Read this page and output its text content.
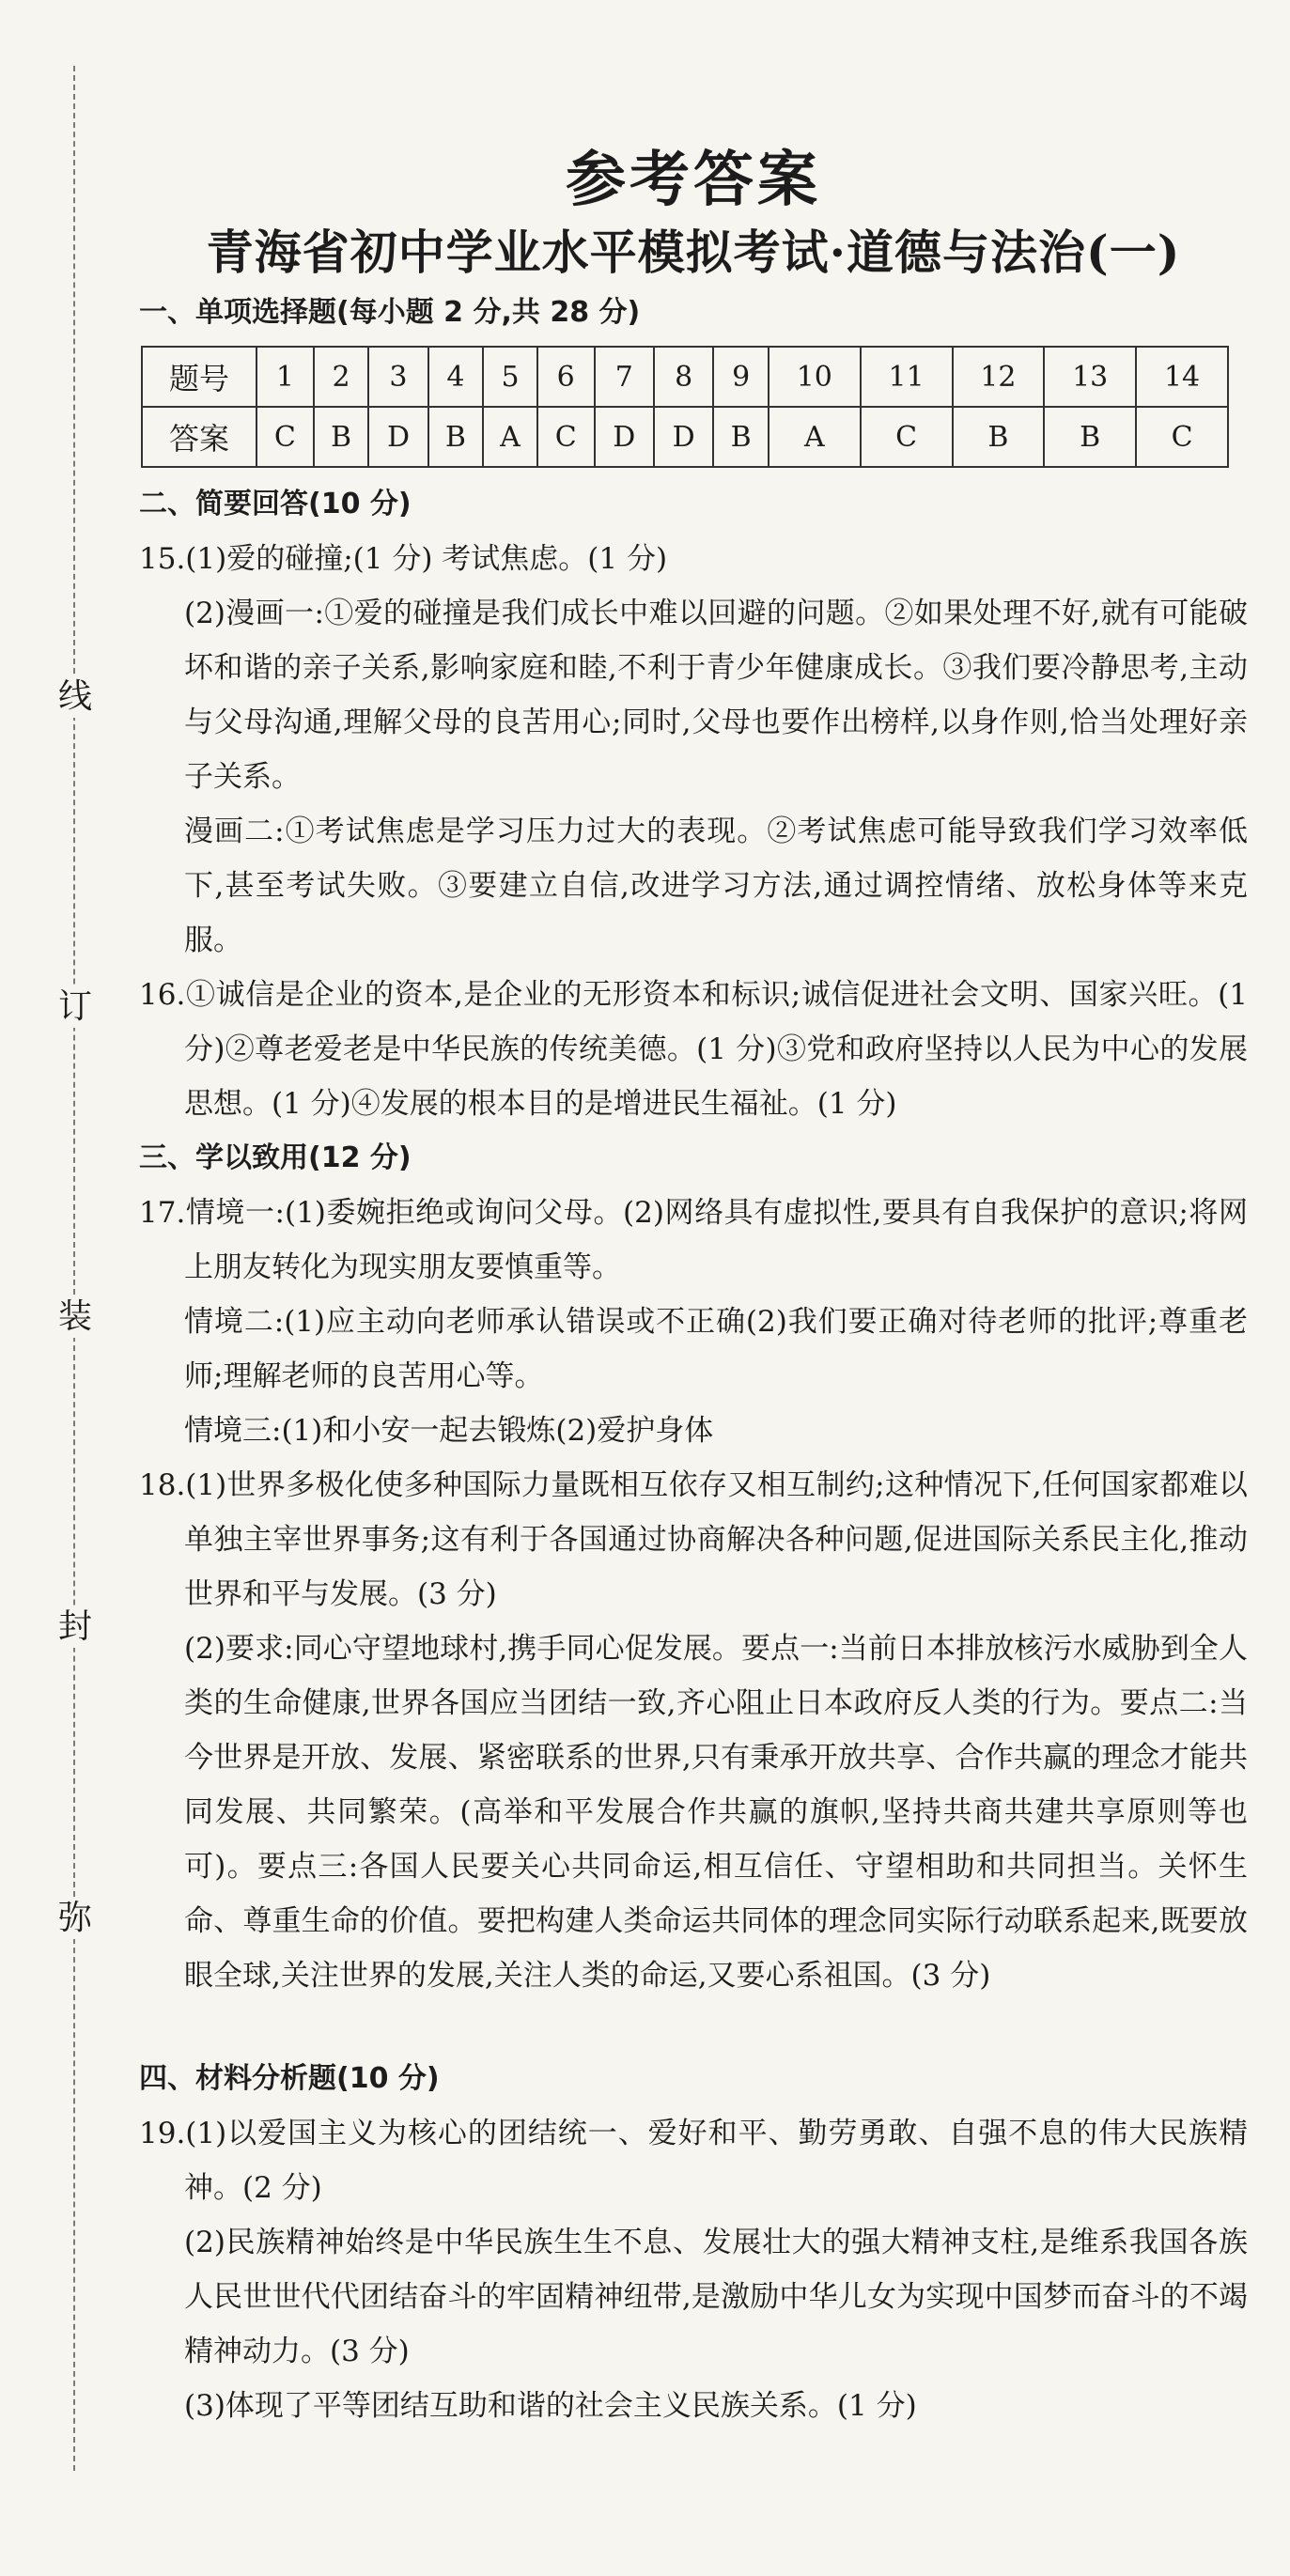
线
订
装
封
弥
参考答案
青海省初中学业水平模拟考试·道德与法治(一)
一、单项选择题(每小题 2 分,共 28 分)
题号	1	2	3	4	5	6	7	8	9	10	11	12	13	14
答案	C	B	D	B	A	C	D	D	B	A	C	B	B	C
二、简要回答(10 分)
15.(1)爱的碰撞;(1 分) 考试焦虑。(1 分)
(2)漫画一:①爱的碰撞是我们成长中难以回避的问题。②如果处理不好,就有可能破坏和谐的亲子关系,影响家庭和睦,不利于青少年健康成长。③我们要冷静思考,主动与父母沟通,理解父母的良苦用心;同时,父母也要作出榜样,以身作则,恰当处理好亲子关系。
漫画二:①考试焦虑是学习压力过大的表现。②考试焦虑可能导致我们学习效率低下,甚至考试失败。③要建立自信,改进学习方法,通过调控情绪、放松身体等来克服。
16.①诚信是企业的资本,是企业的无形资本和标识;诚信促进社会文明、国家兴旺。(1 分)②尊老爱老是中华民族的传统美德。(1 分)③党和政府坚持以人民为中心的发展思想。(1 分)④发展的根本目的是增进民生福祉。(1 分)
三、学以致用(12 分)
17.情境一:(1)委婉拒绝或询问父母。(2)网络具有虚拟性,要具有自我保护的意识;将网上朋友转化为现实朋友要慎重等。
情境二:(1)应主动向老师承认错误或不正确(2)我们要正确对待老师的批评;尊重老师;理解老师的良苦用心等。
情境三:(1)和小安一起去锻炼(2)爱护身体
18.(1)世界多极化使多种国际力量既相互依存又相互制约;这种情况下,任何国家都难以单独主宰世界事务;这有利于各国通过协商解决各种问题,促进国际关系民主化,推动世界和平与发展。(3 分)
(2)要求:同心守望地球村,携手同心促发展。要点一:当前日本排放核污水威胁到全人类的生命健康,世界各国应当团结一致,齐心阻止日本政府反人类的行为。要点二:当今世界是开放、发展、紧密联系的世界,只有秉承开放共享、合作共赢的理念才能共同发展、共同繁荣。(高举和平发展合作共赢的旗帜,坚持共商共建共享原则等也可)。要点三:各国人民要关心共同命运,相互信任、守望相助和共同担当。关怀生命、尊重生命的价值。要把构建人类命运共同体的理念同实际行动联系起来,既要放眼全球,关注世界的发展,关注人类的命运,又要心系祖国。(3 分)
四、材料分析题(10 分)
19.(1)以爱国主义为核心的团结统一、爱好和平、勤劳勇敢、自强不息的伟大民族精神。(2 分)
(2)民族精神始终是中华民族生生不息、发展壮大的强大精神支柱,是维系我国各族人民世世代代团结奋斗的牢固精神纽带,是激励中华儿女为实现中国梦而奋斗的不竭精神动力。(3 分)
(3)体现了平等团结互助和谐的社会主义民族关系。(1 分)
